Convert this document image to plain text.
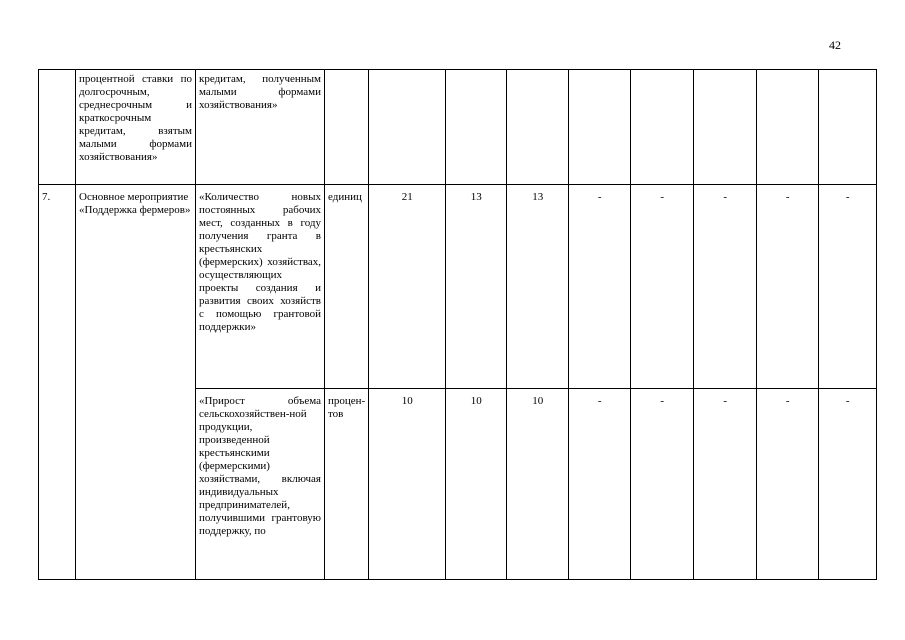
42
	процентной ставки по долгосрочным, среднесрочным и краткосрочным кредитам, взятым малыми формами хозяйствования»	кредитам, полученным малыми формами хозяйствования»									
7.	Основное мероприятие «Поддержка фермеров»	«Количество новых постоянных рабочих мест, созданных в году получения гранта в крестьянских (фермерских) хозяйствах, осуществляющих проекты создания и развития своих хозяйств с помощью грантовой поддержки»	единиц	21	13	13	-	-	-	-	-
		«Прирост объема сельскохозяйствен-ной продукции, произведенной крестьянскими (фермерскими) хозяйствами, включая индивидуальных предпринимателей, получившими грантовую поддержку, по	процен-тов	10	10	10	-	-	-	-	-
